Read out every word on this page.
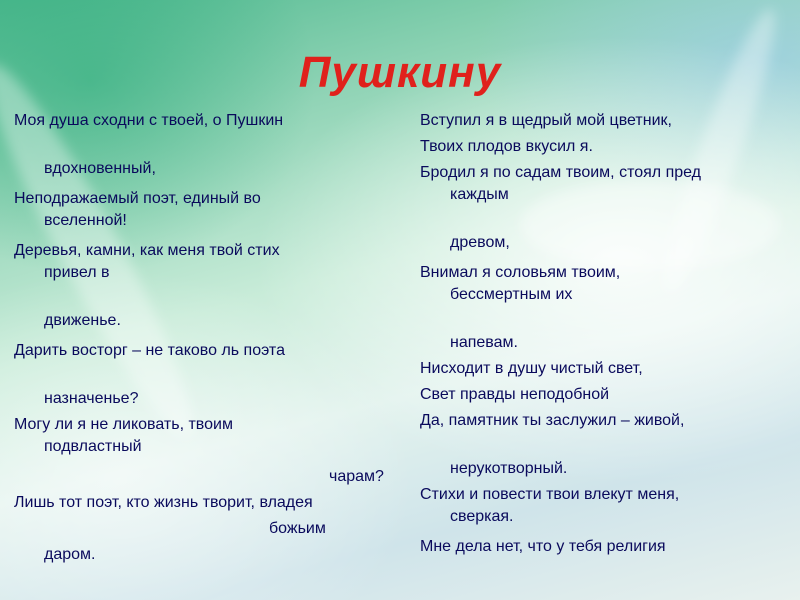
Пушкину
Моя душа сходни с твоей, о Пушкин
вдохновенный,
Неподражаемый поэт, единый во
вселенной!
Деревья, камни, как меня твой стих
привел в
движенье.
Дарить восторг – не таково ль поэта
назначенье?
Могу ли я не ликовать, твоим
подвластный
чарам?
Лишь тот поэт, кто жизнь творит, владея
божьим
даром.
Вступил я в щедрый мой цветник,
Твоих плодов вкусил я.
Бродил я по садам твоим, стоял пред
каждым
древом,
Внимал я соловьям твоим,
бессмертным их
напевам.
Нисходит в душу чистый свет,
Свет правды неподобной
Да, памятник ты заслужил – живой,
нерукотворный.
Стихи и повести твои влекут меня,
сверкая.
Мне дела нет, что у тебя религия
